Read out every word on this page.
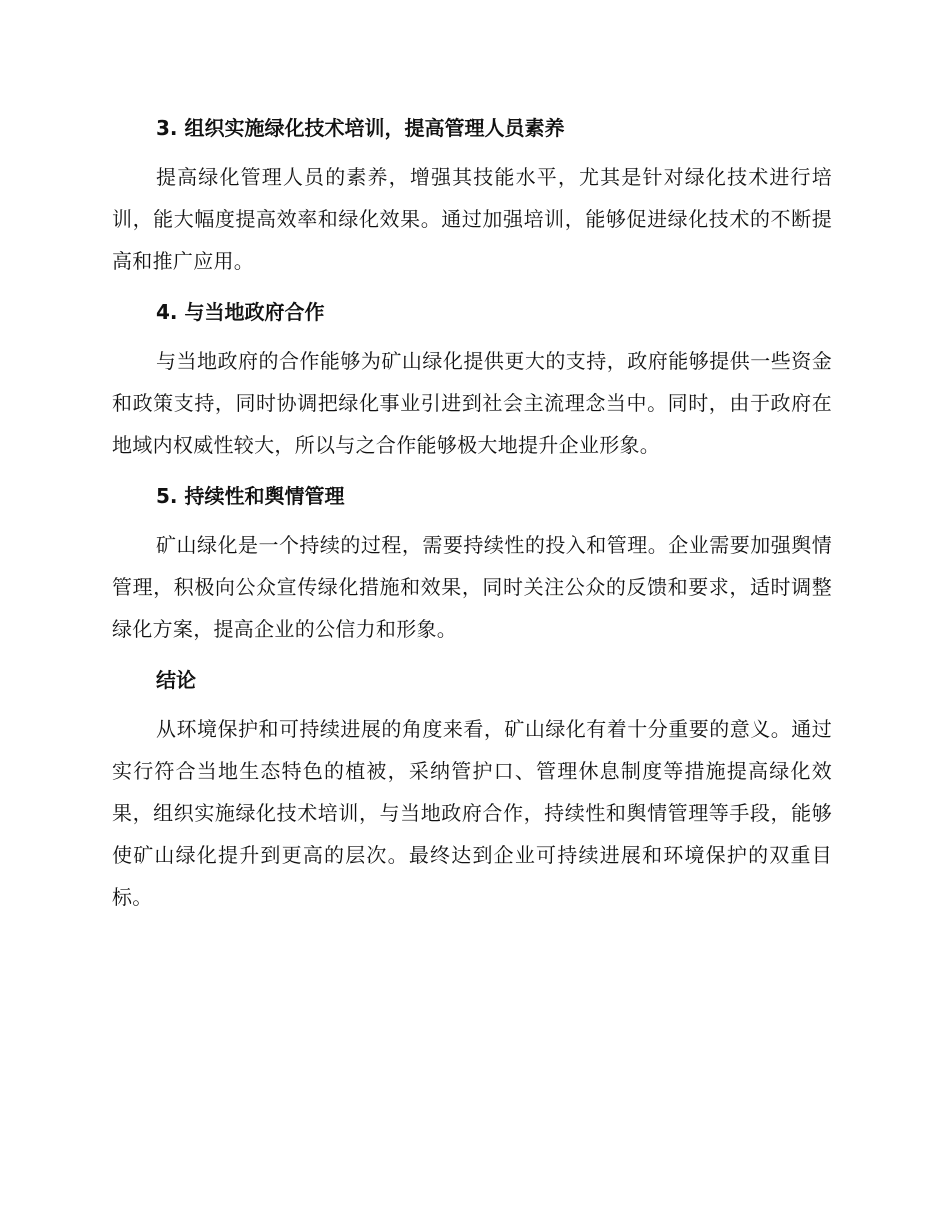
3. 组织实施绿化技术培训，提高管理人员素养

提高绿化管理人员的素养，增强其技能水平，尤其是针对绿化技术进行培训，能大幅度提高效率和绿化效果。通过加强培训，能够促进绿化技术的不断提高和推广应用。

4. 与当地政府合作

与当地政府的合作能够为矿山绿化提供更大的支持，政府能够提供一些资金和政策支持，同时协调把绿化事业引进到社会主流理念当中。同时，由于政府在地域内权威性较大，所以与之合作能够极大地提升企业形象。

5. 持续性和舆情管理

矿山绿化是一个持续的过程，需要持续性的投入和管理。企业需要加强舆情管理，积极向公众宣传绿化措施和效果，同时关注公众的反馈和要求，适时调整绿化方案，提高企业的公信力和形象。

结论

从环境保护和可持续进展的角度来看，矿山绿化有着十分重要的意义。通过实行符合当地生态特色的植被，采纳管护口、管理休息制度等措施提高绿化效果，组织实施绿化技术培训，与当地政府合作，持续性和舆情管理等手段，能够使矿山绿化提升到更高的层次。最终达到企业可持续进展和环境保护的双重目标。
